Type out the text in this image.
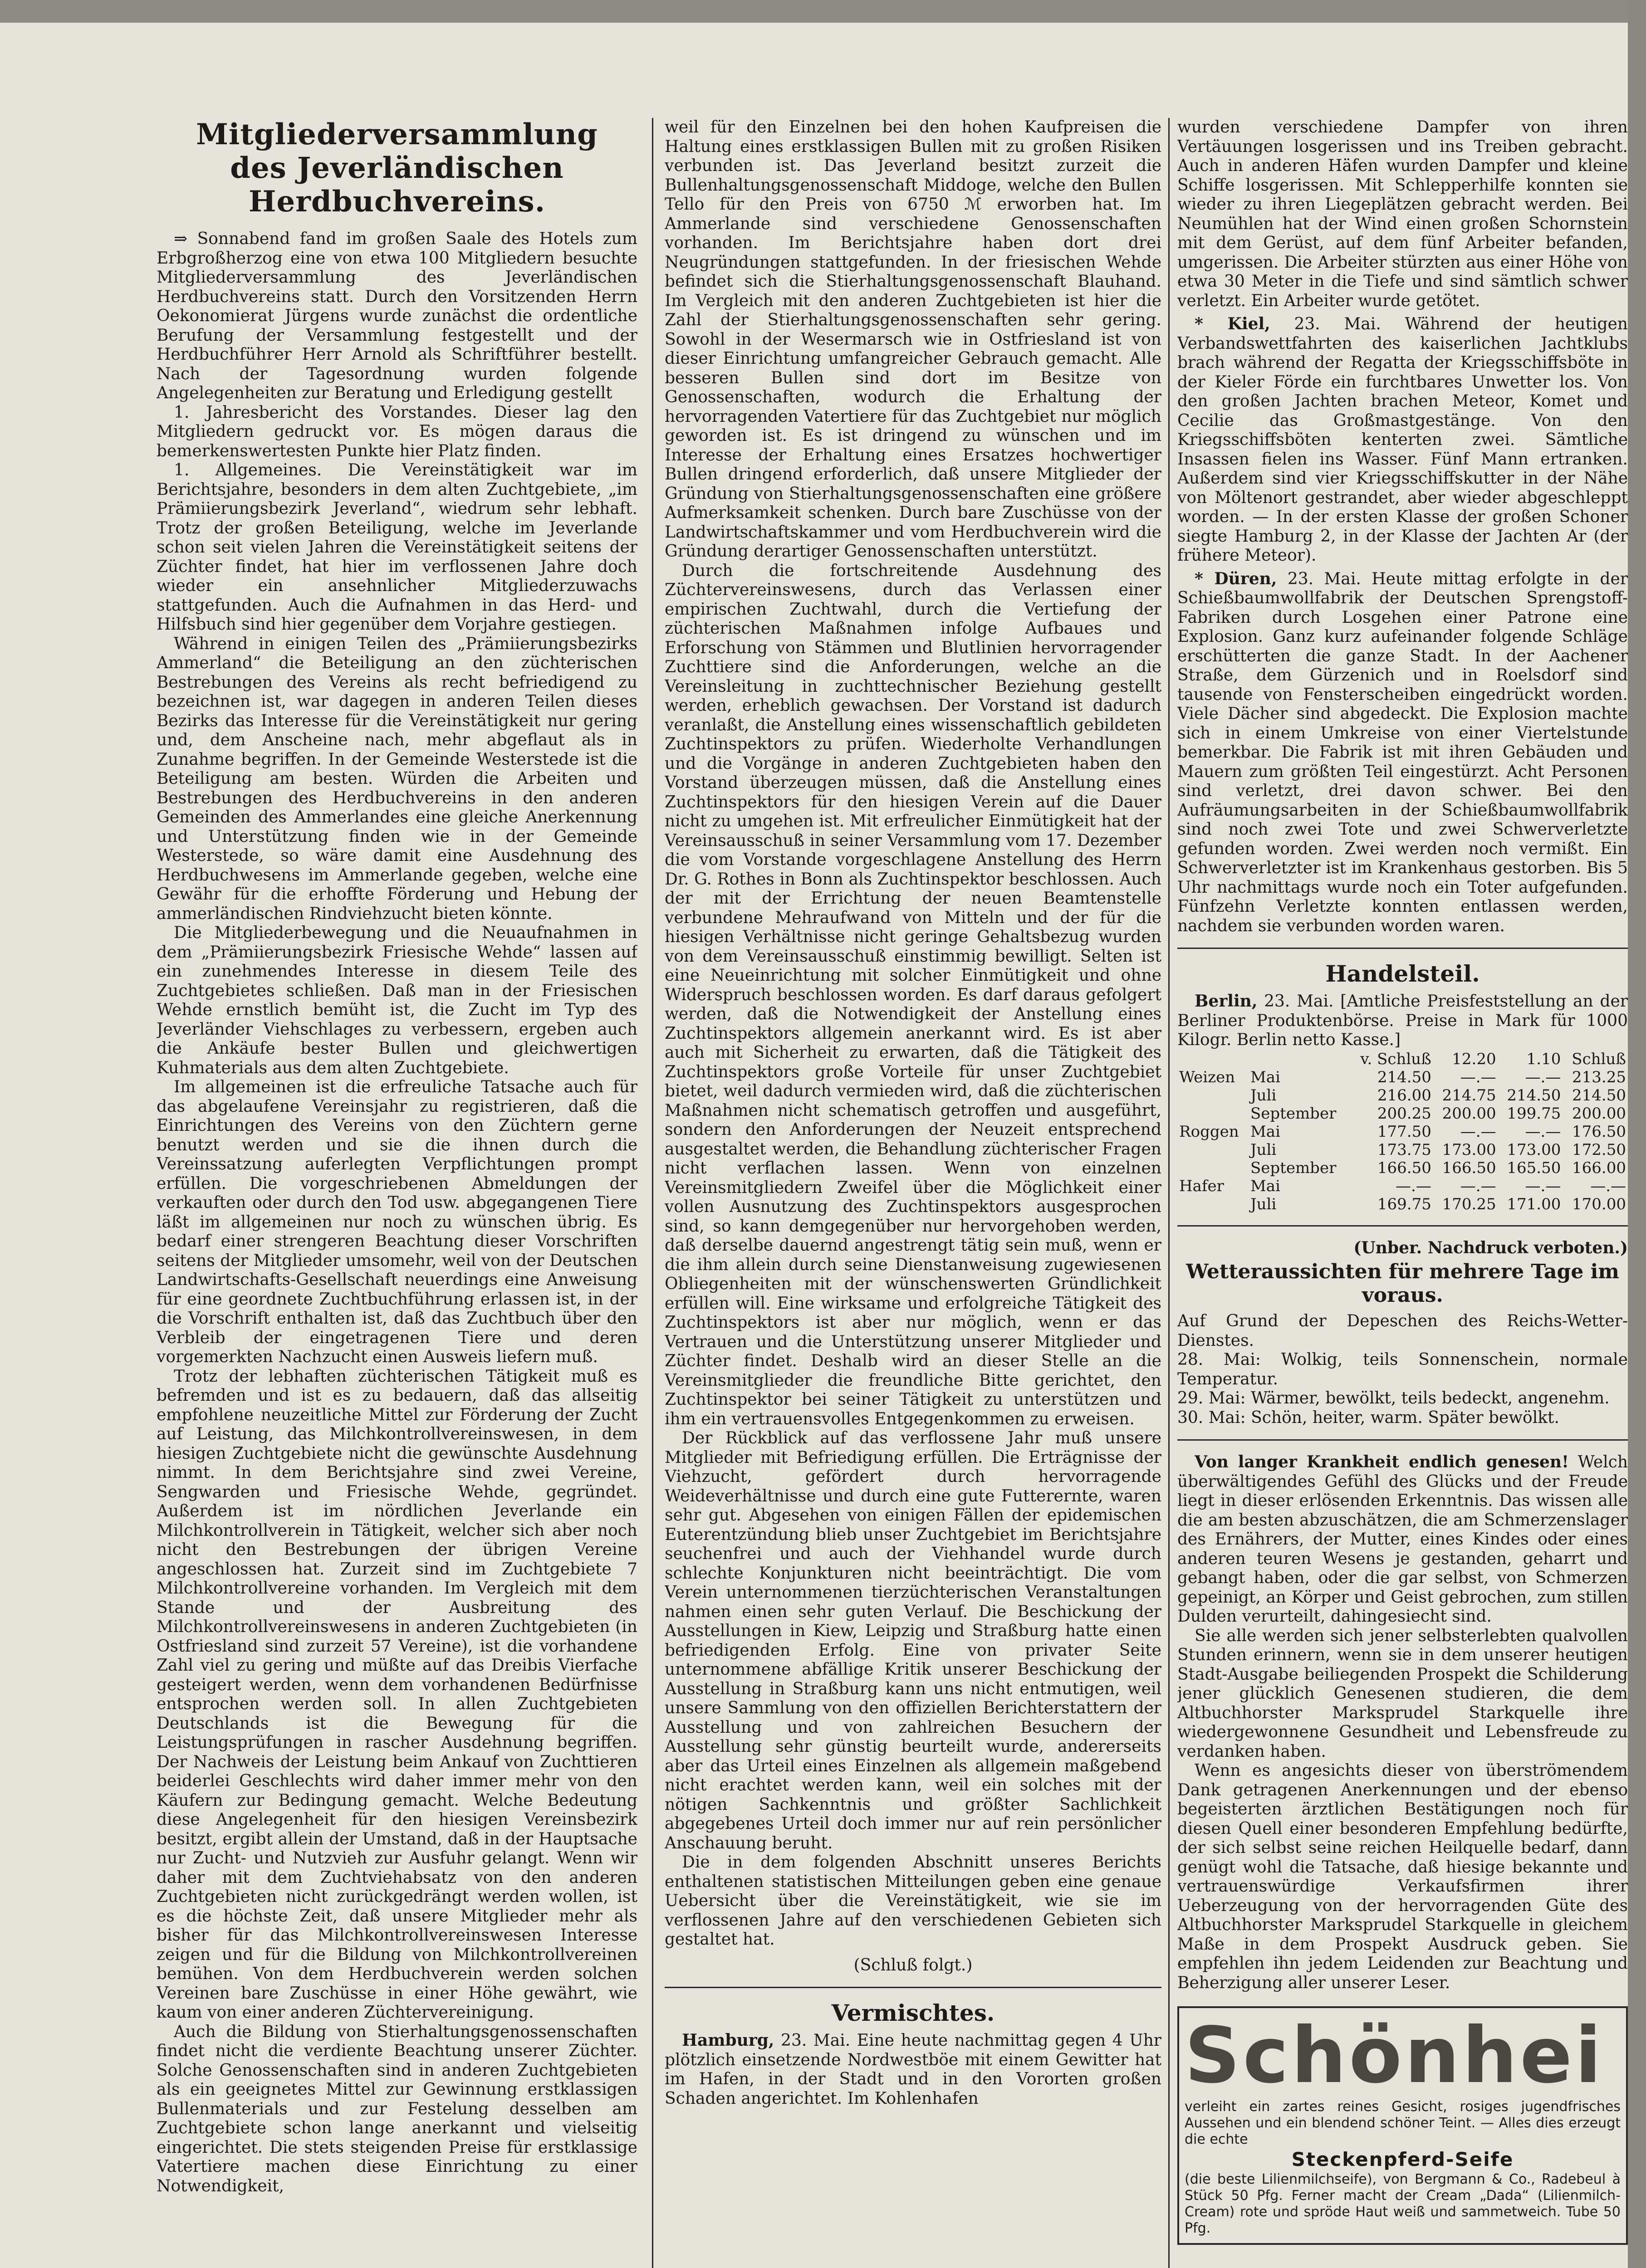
Mitgliederversammlung
des Jeverländischen Herdbuchvereins.

⇒ Sonnabend fand im großen Saale des Hotels zum Erbgroßherzog eine von etwa 100 Mitgliedern besuchte Mitgliederversammlung des Jeverländischen Herdbuchvereins statt. Durch den Vorsitzenden Herrn Oekonomierat Jürgens wurde zunächst die ordentliche Berufung der Versammlung festgestellt und der Herdbuchführer Herr Arnold als Schriftführer bestellt. Nach der Tagesordnung wurden folgende Angelegenheiten zur Beratung und Erledigung gestellt

1. Jahresbericht des Vorstandes. Dieser lag den Mitgliedern gedruckt vor. Es mögen daraus die bemerkenswertesten Punkte hier Platz finden.

1. Allgemeines. Die Vereinstätigkeit war im Berichtsjahre, besonders in dem alten Zuchtgebiete, „im Prämiierungsbezirk Jeverland“, wiedrum sehr lebhaft. Trotz der großen Beteiligung, welche im Jeverlande schon seit vielen Jahren die Vereinstätigkeit seitens der Züchter findet, hat hier im verflossenen Jahre doch wieder ein ansehnlicher Mitgliederzuwachs stattgefunden. Auch die Aufnahmen in das Herd- und Hilfsbuch sind hier gegenüber dem Vorjahre gestiegen.

Während in einigen Teilen des „Prämiierungsbezirks Ammerland“ die Beteiligung an den züchterischen Bestrebungen des Vereins als recht befriedigend zu bezeichnen ist, war dagegen in anderen Teilen dieses Bezirks das Interesse für die Vereinstätigkeit nur gering und, dem Anscheine nach, mehr abgeflaut als in Zunahme begriffen. In der Gemeinde Westerstede ist die Beteiligung am besten. Würden die Arbeiten und Bestrebungen des Herdbuchvereins in den anderen Gemeinden des Ammerlandes eine gleiche Anerkennung und Unterstützung finden wie in der Gemeinde Westerstede, so wäre damit eine Ausdehnung des Herdbuchwesens im Ammerlande gegeben, welche eine Gewähr für die erhoffte Förderung und Hebung der ammerländischen Rindviehzucht bieten könnte.

Die Mitgliederbewegung und die Neuaufnahmen in dem „Prämiierungsbezirk Friesische Wehde“ lassen auf ein zunehmendes Interesse in diesem Teile des Zuchtgebietes schließen. Daß man in der Friesischen Wehde ernstlich bemüht ist, die Zucht im Typ des Jeverländer Viehschlages zu verbessern, ergeben auch die Ankäufe bester Bullen und gleichwertigen Kuhmaterials aus dem alten Zuchtgebiete.

Im allgemeinen ist die erfreuliche Tatsache auch für das abgelaufene Vereinsjahr zu registrieren, daß die Einrichtungen des Vereins von den Züchtern gerne benutzt werden und sie die ihnen durch die Vereinssatzung auferlegten Verpflichtungen prompt erfüllen. Die vorgeschriebenen Abmeldungen der verkauften oder durch den Tod usw. abgegangenen Tiere läßt im allgemeinen nur noch zu wünschen übrig. Es bedarf einer strengeren Beachtung dieser Vorschriften seitens der Mitglieder umsomehr, weil von der Deutschen Landwirtschafts-Gesellschaft neuerdings eine Anweisung für eine geordnete Zuchtbuchführung erlassen ist, in der die Vorschrift enthalten ist, daß das Zuchtbuch über den Verbleib der eingetragenen Tiere und deren vorgemerkten Nachzucht einen Ausweis liefern muß.

Trotz der lebhaften züchterischen Tätigkeit muß es befremden und ist es zu bedauern, daß das allseitig empfohlene neuzeitliche Mittel zur Förderung der Zucht auf Leistung, das Milchkontrollvereinswesen, in dem hiesigen Zuchtgebiete nicht die gewünschte Ausdehnung nimmt. In dem Berichtsjahre sind zwei Vereine, Sengwarden und Friesische Wehde, gegründet. Außerdem ist im nördlichen Jeverlande ein Milchkontrollverein in Tätigkeit, welcher sich aber noch nicht den Bestrebungen der übrigen Vereine angeschlossen hat. Zurzeit sind im Zuchtgebiete 7 Milchkontrollvereine vorhanden. Im Vergleich mit dem Stande und der Ausbreitung des Milchkontrollvereinswesens in anderen Zuchtgebieten (in Ostfriesland sind zurzeit 57 Vereine), ist die vorhandene Zahl viel zu gering und müßte auf das Dreibis Vierfache gesteigert werden, wenn dem vorhandenen Bedürfnisse entsprochen werden soll. In allen Zuchtgebieten Deutschlands ist die Bewegung für die Leistungsprüfungen in rascher Ausdehnung begriffen. Der Nachweis der Leistung beim Ankauf von Zuchttieren beiderlei Geschlechts wird daher immer mehr von den Käufern zur Bedingung gemacht. Welche Bedeutung diese Angelegenheit für den hiesigen Vereinsbezirk besitzt, ergibt allein der Umstand, daß in der Hauptsache nur Zucht- und Nutzvieh zur Ausfuhr gelangt. Wenn wir daher mit dem Zuchtviehabsatz von den anderen Zuchtgebieten nicht zurückgedrängt werden wollen, ist es die höchste Zeit, daß unsere Mitglieder mehr als bisher für das Milchkontrollvereinswesen Interesse zeigen und für die Bildung von Milchkontrollvereinen bemühen. Von dem Herdbuchverein werden solchen Vereinen bare Zuschüsse in einer Höhe gewährt, wie kaum von einer anderen Züchtervereinigung.

Auch die Bildung von Stierhaltungsgenossenschaften findet nicht die verdiente Beachtung unserer Züchter. Solche Genossenschaften sind in anderen Zuchtgebieten als ein geeignetes Mittel zur Gewinnung erstklassigen Bullenmaterials und zur Festelung desselben am Zuchtgebiete schon lange anerkannt und vielseitig eingerichtet. Die stets steigenden Preise für erstklassige Vatertiere machen diese Einrichtung zu einer Notwendigkeit,

weil für den Einzelnen bei den hohen Kaufpreisen die Haltung eines erstklassigen Bullen mit zu großen Risiken verbunden ist. Das Jeverland besitzt zurzeit die Bullenhaltungsgenossenschaft Middoge, welche den Bullen Tello für den Preis von 6750 ℳ erworben hat. Im Ammerlande sind verschiedene Genossenschaften vorhanden. Im Berichtsjahre haben dort drei Neugründungen stattgefunden. In der friesischen Wehde befindet sich die Stierhaltungsgenossenschaft Blauhand. Im Vergleich mit den anderen Zuchtgebieten ist hier die Zahl der Stierhaltungsgenossenschaften sehr gering. Sowohl in der Wesermarsch wie in Ostfriesland ist von dieser Einrichtung umfangreicher Gebrauch gemacht. Alle besseren Bullen sind dort im Besitze von Genossenschaften, wodurch die Erhaltung der hervorragenden Vatertiere für das Zuchtgebiet nur möglich geworden ist. Es ist dringend zu wünschen und im Interesse der Erhaltung eines Ersatzes hochwertiger Bullen dringend erforderlich, daß unsere Mitglieder der Gründung von Stierhaltungsgenossenschaften eine größere Aufmerksamkeit schenken. Durch bare Zuschüsse von der Landwirtschaftskammer und vom Herdbuchverein wird die Gründung derartiger Genossenschaften unterstützt.

Durch die fortschreitende Ausdehnung des Züchtervereinswesens, durch das Verlassen einer empirischen Zuchtwahl, durch die Vertiefung der züchterischen Maßnahmen infolge Aufbaues und Erforschung von Stämmen und Blutlinien hervorragender Zuchttiere sind die Anforderungen, welche an die Vereinsleitung in zuchttechnischer Beziehung gestellt werden, erheblich gewachsen. Der Vorstand ist dadurch veranlaßt, die Anstellung eines wissenschaftlich gebildeten Zuchtinspektors zu prüfen. Wiederholte Verhandlungen und die Vorgänge in anderen Zuchtgebieten haben den Vorstand überzeugen müssen, daß die Anstellung eines Zuchtinspektors für den hiesigen Verein auf die Dauer nicht zu umgehen ist. Mit erfreulicher Einmütigkeit hat der Vereinsausschuß in seiner Versammlung vom 17. Dezember die vom Vorstande vorgeschlagene Anstellung des Herrn Dr. G. Rothes in Bonn als Zuchtinspektor beschlossen. Auch der mit der Errichtung der neuen Beamtenstelle verbundene Mehraufwand von Mitteln und der für die hiesigen Verhältnisse nicht geringe Gehaltsbezug wurden von dem Vereinsausschuß einstimmig bewilligt. Selten ist eine Neueinrichtung mit solcher Einmütigkeit und ohne Widerspruch beschlossen worden. Es darf daraus gefolgert werden, daß die Notwendigkeit der Anstellung eines Zuchtinspektors allgemein anerkannt wird. Es ist aber auch mit Sicherheit zu erwarten, daß die Tätigkeit des Zuchtinspektors große Vorteile für unser Zuchtgebiet bietet, weil dadurch vermieden wird, daß die züchterischen Maßnahmen nicht schematisch getroffen und ausgeführt, sondern den Anforderungen der Neuzeit entsprechend ausgestaltet werden, die Behandlung züchterischer Fragen nicht verflachen lassen. Wenn von einzelnen Vereinsmitgliedern Zweifel über die Möglichkeit einer vollen Ausnutzung des Zuchtinspektors ausgesprochen sind, so kann demgegenüber nur hervorgehoben werden, daß derselbe dauernd angestrengt tätig sein muß, wenn er die ihm allein durch seine Dienstanweisung zugewiesenen Obliegenheiten mit der wünschenswerten Gründlichkeit erfüllen will. Eine wirksame und erfolgreiche Tätigkeit des Zuchtinspektors ist aber nur möglich, wenn er das Vertrauen und die Unterstützung unserer Mitglieder und Züchter findet. Deshalb wird an dieser Stelle an die Vereinsmitglieder die freundliche Bitte gerichtet, den Zuchtinspektor bei seiner Tätigkeit zu unterstützen und ihm ein vertrauensvolles Entgegenkommen zu erweisen.

Der Rückblick auf das verflossene Jahr muß unsere Mitglieder mit Befriedigung erfüllen. Die Erträgnisse der Viehzucht, gefördert durch hervorragende Weideverhältnisse und durch eine gute Futterernte, waren sehr gut. Abgesehen von einigen Fällen der epidemischen Euterentzündung blieb unser Zuchtgebiet im Berichtsjahre seuchenfrei und auch der Viehhandel wurde durch schlechte Konjunkturen nicht beeinträchtigt. Die vom Verein unternommenen tierzüchterischen Veranstaltungen nahmen einen sehr guten Verlauf. Die Beschickung der Ausstellungen in Kiew, Leipzig und Straßburg hatte einen befriedigenden Erfolg. Eine von privater Seite unternommene abfällige Kritik unserer Beschickung der Ausstellung in Straßburg kann uns nicht entmutigen, weil unsere Sammlung von den offiziellen Berichterstattern der Ausstellung und von zahlreichen Besuchern der Ausstellung sehr günstig beurteilt wurde, andererseits aber das Urteil eines Einzelnen als allgemein maßgebend nicht erachtet werden kann, weil ein solches mit der nötigen Sachkenntnis und größter Sachlichkeit abgegebenes Urteil doch immer nur auf rein persönlicher Anschauung beruht.

Die in dem folgenden Abschnitt unseres Berichts enthaltenen statistischen Mitteilungen geben eine genaue Uebersicht über die Vereinstätigkeit, wie sie im verflossenen Jahre auf den verschiedenen Gebieten sich gestaltet hat.

(Schluß folgt.)

Vermischtes.

Hamburg, 23. Mai. Eine heute nachmittag gegen 4 Uhr plötzlich einsetzende Nordwestböe mit einem Gewitter hat im Hafen, in der Stadt und in den Vororten großen Schaden angerichtet. Im Kohlenhafen

wurden verschiedene Dampfer von ihren Vertäuungen losgerissen und ins Treiben gebracht. Auch in anderen Häfen wurden Dampfer und kleine Schiffe losgerissen. Mit Schlepperhilfe konnten sie wieder zu ihren Liegeplätzen gebracht werden. Bei Neumühlen hat der Wind einen großen Schornstein mit dem Gerüst, auf dem fünf Arbeiter befanden, umgerissen. Die Arbeiter stürzten aus einer Höhe von etwa 30 Meter in die Tiefe und sind sämtlich schwer verletzt. Ein Arbeiter wurde getötet.

* Kiel, 23. Mai. Während der heutigen Verbandswettfahrten des kaiserlichen Jachtklubs brach während der Regatta der Kriegsschiffsböte in der Kieler Förde ein furchtbares Unwetter los. Von den großen Jachten brachen Meteor, Komet und Cecilie das Großmastgestänge. Von den Kriegsschiffsböten kenterten zwei. Sämtliche Insassen fielen ins Wasser. Fünf Mann ertranken. Außerdem sind vier Kriegsschiffskutter in der Nähe von Möltenort gestrandet, aber wieder abgeschleppt worden. — In der ersten Klasse der großen Schoner siegte Hamburg 2, in der Klasse der Jachten Ar (der frühere Meteor).

* Düren, 23. Mai. Heute mittag erfolgte in der Schießbaumwollfabrik der Deutschen Sprengstoff-Fabriken durch Losgehen einer Patrone eine Explosion. Ganz kurz aufeinander folgende Schläge erschütterten die ganze Stadt. In der Aachener Straße, dem Gürzenich und in Roelsdorf sind tausende von Fensterscheiben eingedrückt worden. Viele Dächer sind abgedeckt. Die Explosion machte sich in einem Umkreise von einer Viertelstunde bemerkbar. Die Fabrik ist mit ihren Gebäuden und Mauern zum größten Teil eingestürzt. Acht Personen sind verletzt, drei davon schwer. Bei den Aufräumungsarbeiten in der Schießbaumwollfabrik sind noch zwei Tote und zwei Schwerverletzte gefunden worden. Zwei werden noch vermißt. Ein Schwerverletzter ist im Krankenhaus gestorben. Bis 5 Uhr nachmittags wurde noch ein Toter aufgefunden. Fünfzehn Verletzte konnten entlassen werden, nachdem sie verbunden worden waren.

Handelsteil.

Berlin, 23. Mai. [Amtliche Preisfeststellung an der Berliner Produktenbörse. Preise in Mark für 1000 Kilogr. Berlin netto Kasse.]

		v. Schluß	12.20	1.10	Schluß
Weizen	Mai	214.50	—.—	—.—	213.25
	Juli	216.00	214.75	214.50	214.50
	September	200.25	200.00	199.75	200.00
Roggen	Mai	177.50	—.—	—.—	176.50
	Juli	173.75	173.00	173.00	172.50
	September	166.50	166.50	165.50	166.00
Hafer	Mai	—.—	—.—	—.—	—.—
	Juli	169.75	170.25	171.00	170.00

(Unber. Nachdruck verboten.)

Wetteraussichten für mehrere Tage im voraus.

Auf Grund der Depeschen des Reichs-Wetter-Dienstes.

28. Mai: Wolkig, teils Sonnenschein, normale Temperatur.

29. Mai: Wärmer, bewölkt, teils bedeckt, angenehm.

30. Mai: Schön, heiter, warm. Später bewölkt.

Von langer Krankheit endlich genesen! Welch überwältigendes Gefühl des Glücks und der Freude liegt in dieser erlösenden Erkenntnis. Das wissen alle die am besten abzuschätzen, die am Schmerzenslager des Ernährers, der Mutter, eines Kindes oder eines anderen teuren Wesens je gestanden, geharrt und gebangt haben, oder die gar selbst, von Schmerzen gepeinigt, an Körper und Geist gebrochen, zum stillen Dulden verurteilt, dahingesiecht sind.

Sie alle werden sich jener selbsterlebten qualvollen Stunden erinnern, wenn sie in dem unserer heutigen Stadt-Ausgabe beiliegenden Prospekt die Schilderung jener glücklich Genesenen studieren, die dem Altbuchhorster Marksprudel Starkquelle ihre wiedergewonnene Gesundheit und Lebensfreude zu verdanken haben.

Wenn es angesichts dieser von überströmendem Dank getragenen Anerkennungen und der ebenso begeisterten ärztlichen Bestätigungen noch für diesen Quell einer besonderen Empfehlung bedürfte, der sich selbst seine reichen Heilquelle bedarf, dann genügt wohl die Tatsache, daß hiesige bekannte und vertrauenswürdige Verkaufsfirmen ihrer Ueberzeugung von der hervorragenden Güte des Altbuchhorster Marksprudel Starkquelle in gleichem Maße in dem Prospekt Ausdruck geben. Sie empfehlen ihn jedem Leidenden zur Beachtung und Beherzigung aller unserer Leser.

Schönhei

verleiht ein zartes reines Gesicht, rosiges jugendfrisches Aussehen und ein blendend schöner Teint. — Alles dies erzeugt die echte

Steckenpferd-Seife

(die beste Lilienmilchseife), von Bergmann & Co., Radebeul à Stück 50 Pfg. Ferner macht der Cream „Dada“ (Lilienmilch-Cream) rote und spröde Haut weiß und sammetweich. Tube 50 Pfg.
